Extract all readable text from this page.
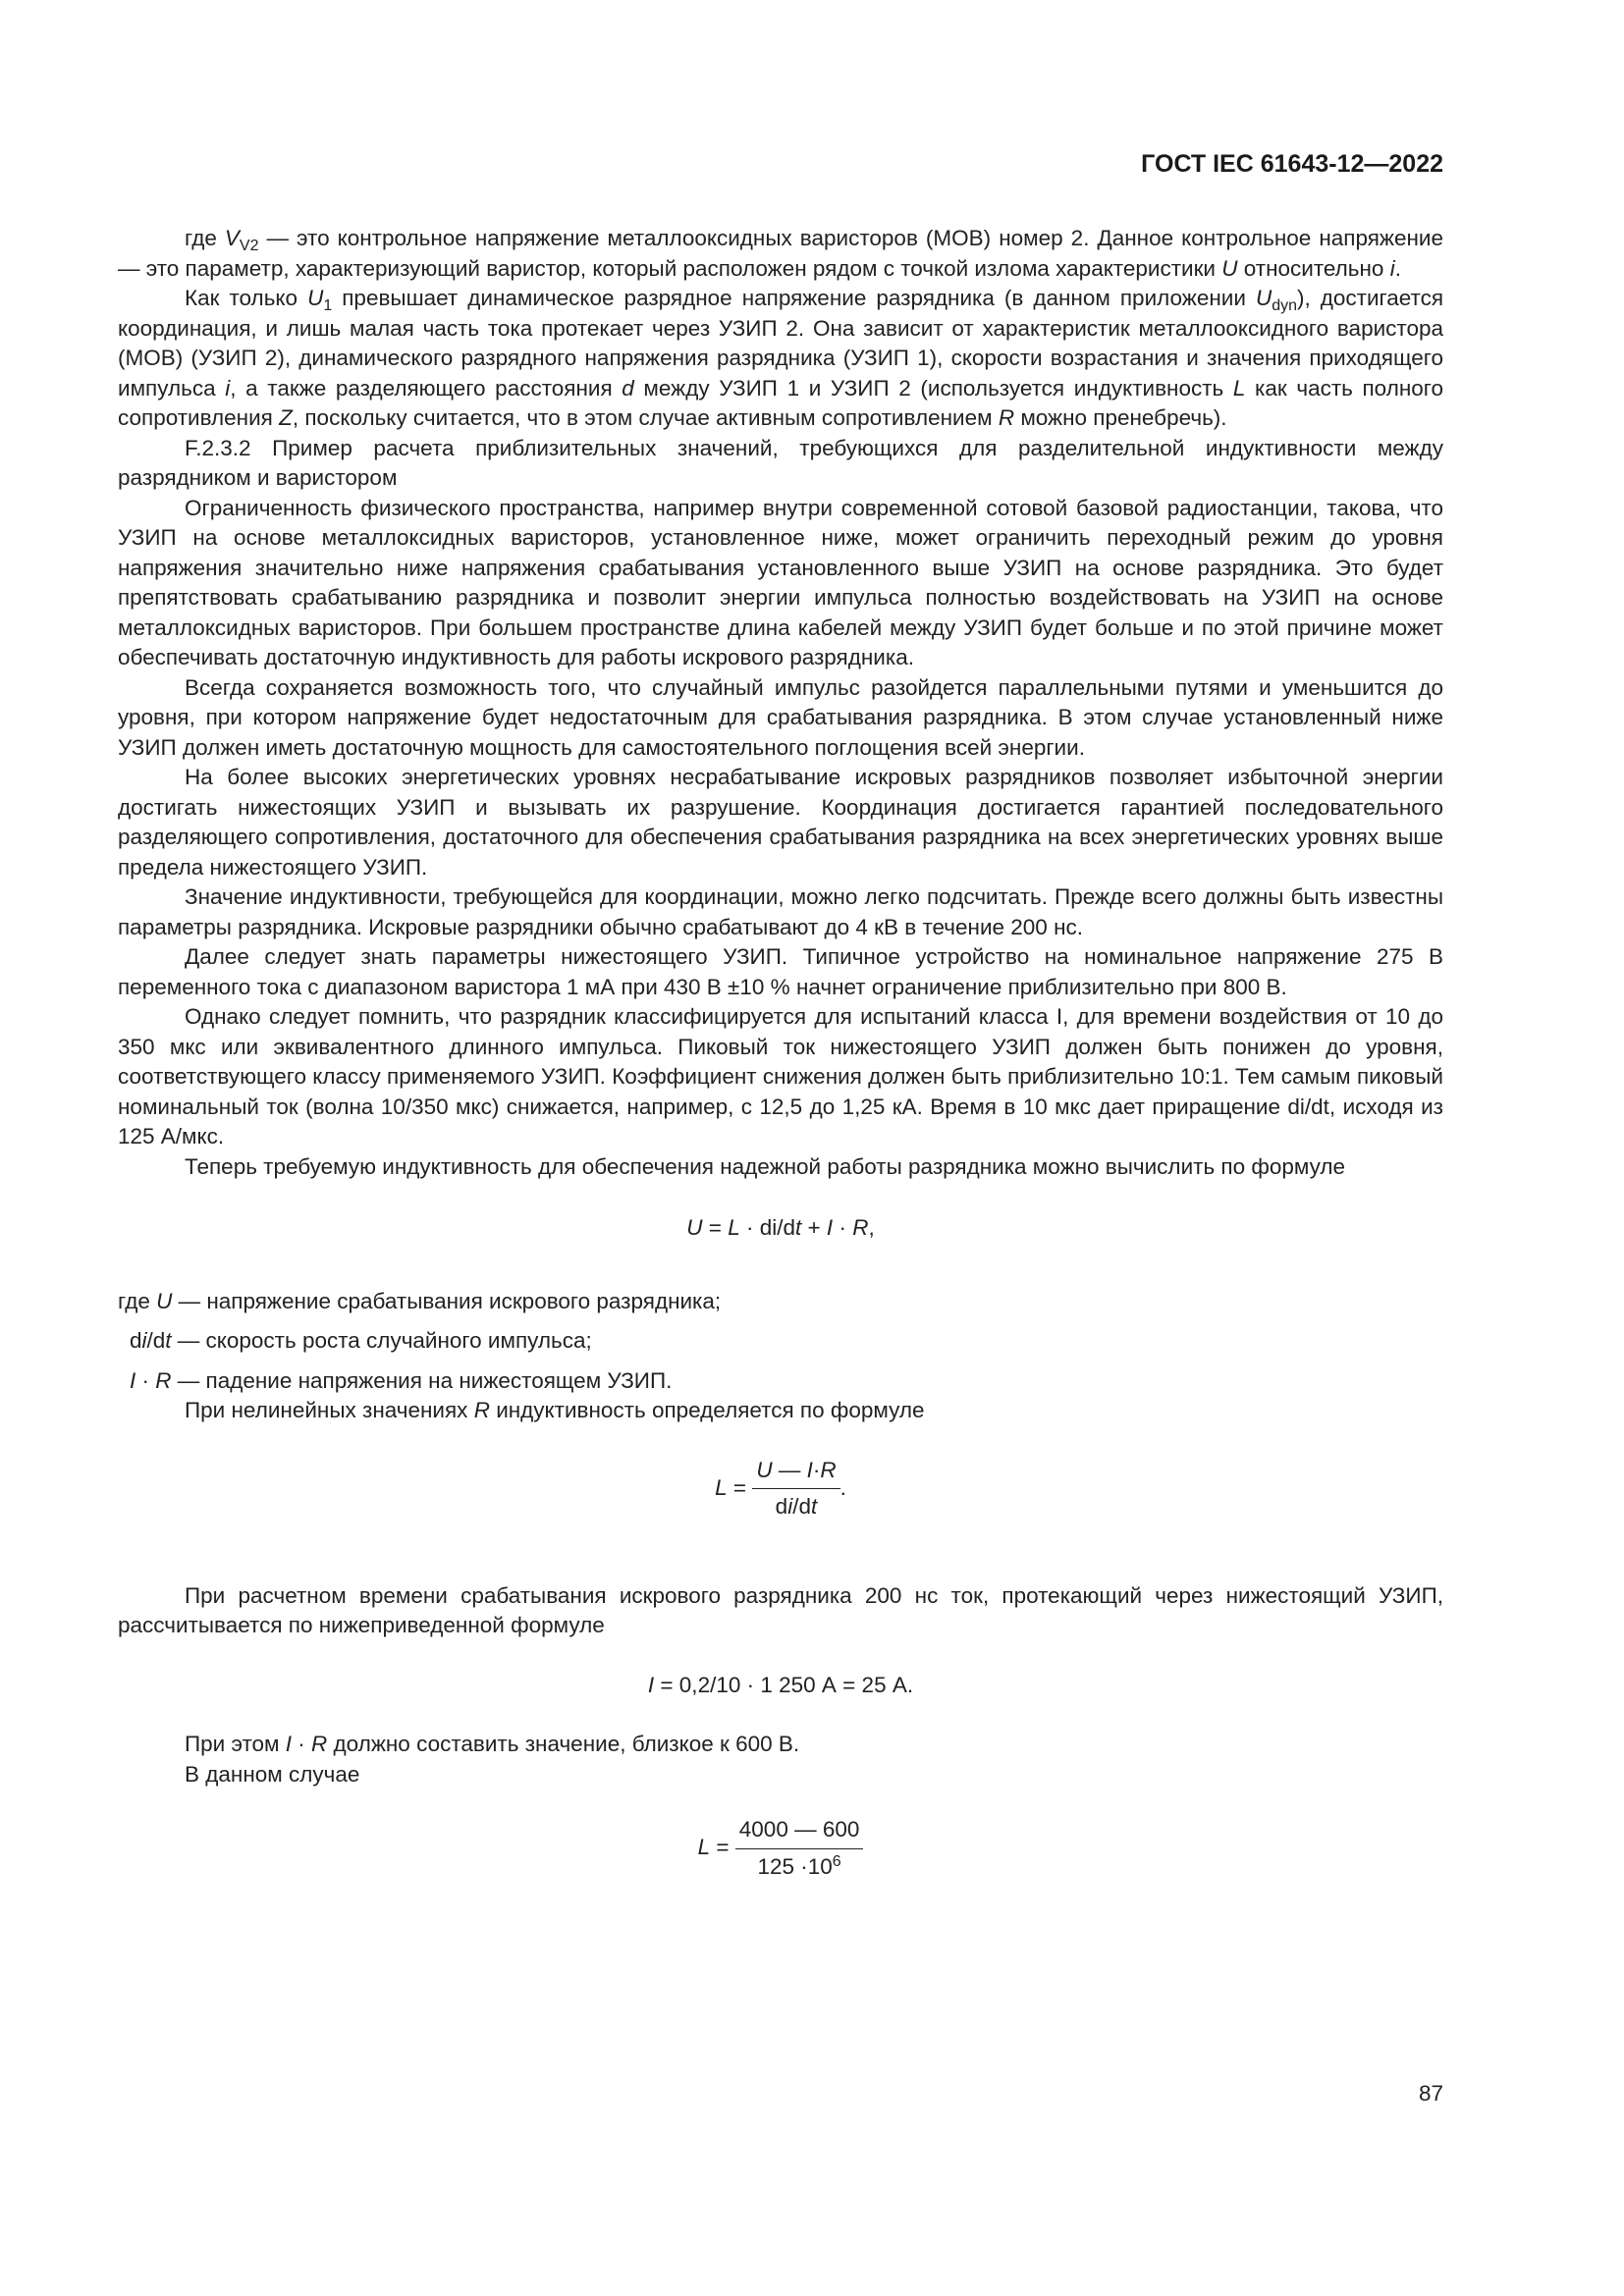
ГОСТ IEC 61643-12—2022

где $V_{V2}$ — это контрольное напряжение металлооксидных варисторов (МОВ) номер 2. Данное контрольное напряжение — это параметр, характеризующий варистор, который расположен рядом с точкой излома характеристики U относительно i.

Как только $U_1$ превышает динамическое разрядное напряжение разрядника (в данном приложении $U_{dyn}$), достигается координация, и лишь малая часть тока протекает через УЗИП 2. Она зависит от характеристик металлооксидного варистора (МОВ) (УЗИП 2), динамического разрядного напряжения разрядника (УЗИП 1), скорости возрастания и значения приходящего импульса i, а также разделяющего расстояния d между УЗИП 1 и УЗИП 2 (используется индуктивность L как часть полного сопротивления Z, поскольку считается, что в этом случае активным сопротивлением R можно пренебречь).

F.2.3.2 Пример расчета приблизительных значений, требующихся для разделительной индуктивности между разрядником и варистором

Ограниченность физического пространства, например внутри современной сотовой базовой радиостанции, такова, что УЗИП на основе металлоксидных варисторов, установленное ниже, может ограничить переходный режим до уровня напряжения значительно ниже напряжения срабатывания установленного выше УЗИП на основе разрядника. Это будет препятствовать срабатыванию разрядника и позволит энергии импульса полностью воздействовать на УЗИП на основе металлоксидных варисторов. При большем пространстве длина кабелей между УЗИП будет больше и по этой причине может обеспечивать достаточную индуктивность для работы искрового разрядника.

Всегда сохраняется возможность того, что случайный импульс разойдется параллельными путями и уменьшится до уровня, при котором напряжение будет недостаточным для срабатывания разрядника. В этом случае установленный ниже УЗИП должен иметь достаточную мощность для самостоятельного поглощения всей энергии.

На более высоких энергетических уровнях несрабатывание искровых разрядников позволяет избыточной энергии достигать нижестоящих УЗИП и вызывать их разрушение. Координация достигается гарантией последовательного разделяющего сопротивления, достаточного для обеспечения срабатывания разрядника на всех энергетических уровнях выше предела нижестоящего УЗИП.

Значение индуктивности, требующейся для координации, можно легко подсчитать. Прежде всего должны быть известны параметры разрядника. Искровые разрядники обычно срабатывают до 4 кВ в течение 200 нс.

Далее следует знать параметры нижестоящего УЗИП. Типичное устройство на номинальное напряжение 275 В переменного тока с диапазоном варистора 1 мА при 430 В ±10 % начнет ограничение приблизительно при 800 В.

Однако следует помнить, что разрядник классифицируется для испытаний класса I, для времени воздействия от 10 до 350 мкс или эквивалентного длинного импульса. Пиковый ток нижестоящего УЗИП должен быть понижен до уровня, соответствующего классу применяемого УЗИП. Коэффициент снижения должен быть приблизительно 10:1. Тем самым пиковый номинальный ток (волна 10/350 мкс) снижается, например, с 12,5 до 1,25 кА. Время в 10 мкс дает приращение di/dt, исходя из 125 А/мкс.

Теперь требуемую индуктивность для обеспечения надежной работы разрядника можно вычислить по формуле

U = L · di/dt + I · R,

где U — напряжение срабатывания искрового разрядника;

di/dt — скорость роста случайного импульса;

I · R — падение напряжения на нижестоящем УЗИП.

При нелинейных значениях R индуктивность определяется по формуле

$L = \frac{U — I\cdot R}{di/dt}$ .

При расчетном времени срабатывания искрового разрядника 200 нс ток, протекающий через нижестоящий УЗИП, рассчитывается по нижеприведенной формуле

I = 0,2/10 · 1 250 А = 25 А.

При этом I · R должно составить значение, близкое к 600 В.

В данном случае

$L = \frac{4000 — 600}{125 \cdot 10^6}$

87
